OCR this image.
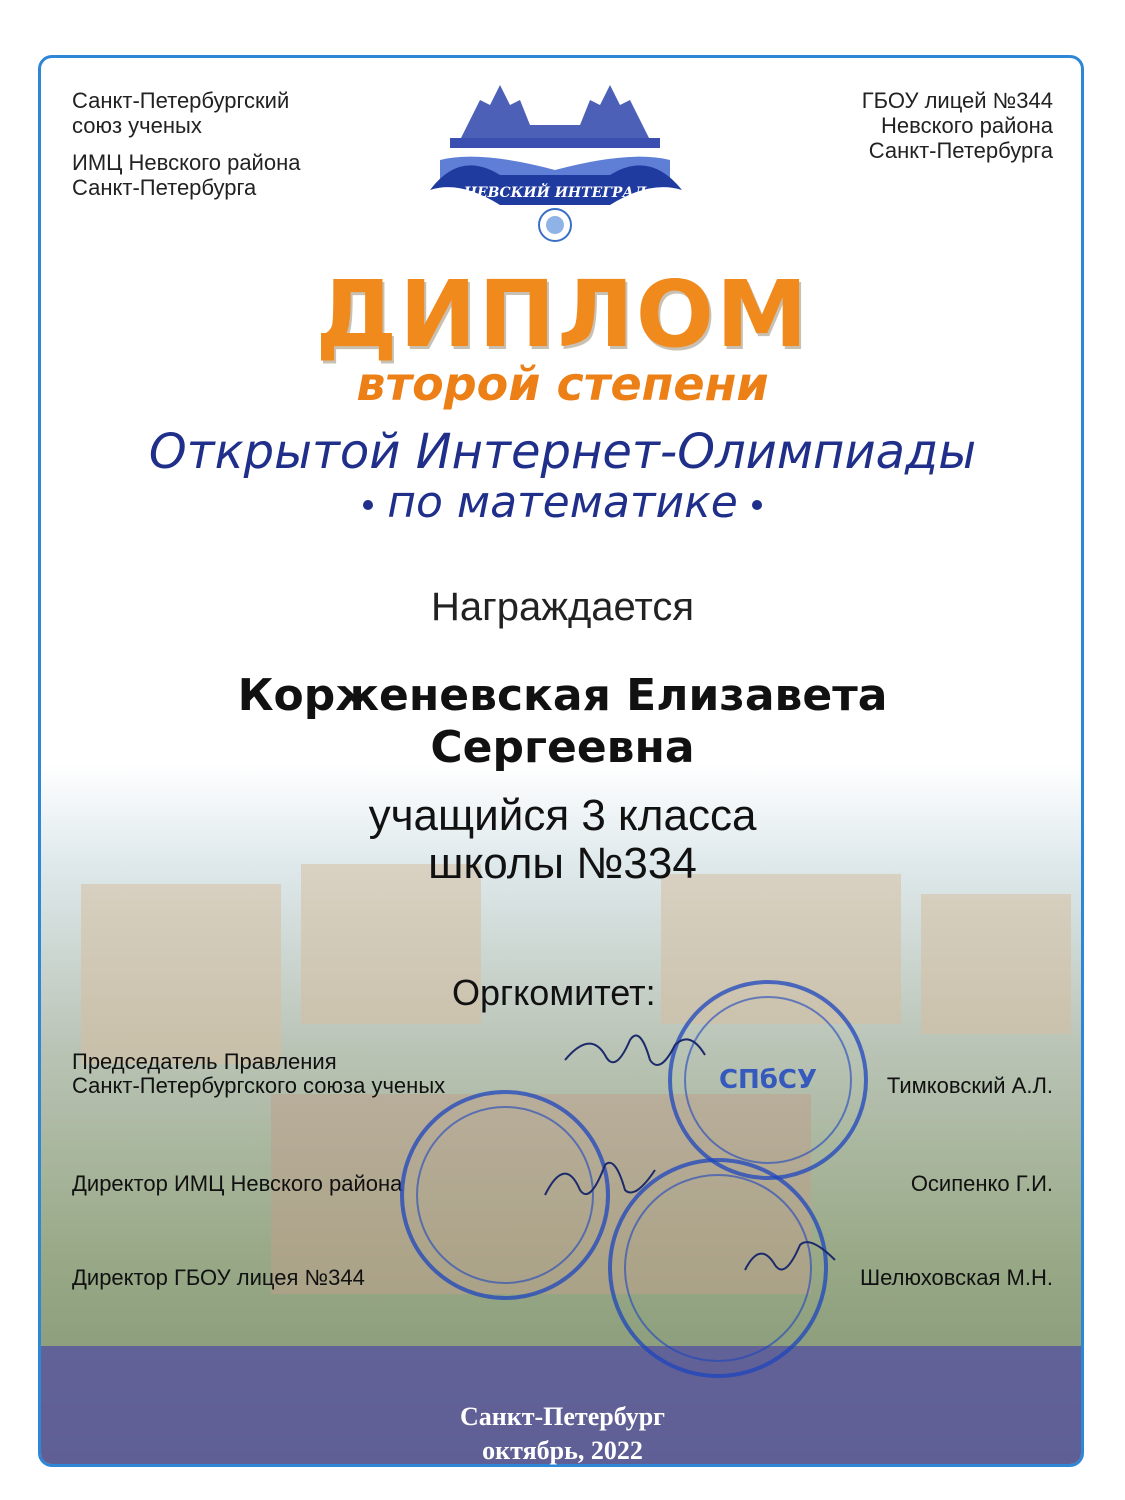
Санкт-Петербургский
союз ученых
ИМЦ Невского района
Санкт-Петербурга
ГБОУ лицей №344
Невского района
Санкт-Петербурга
НЕВСКИЙ ИНТЕГРАЛ
ДИПЛОМ
второй степени
Открытой Интернет-Олимпиады
по математике
Награждается
Корженевская Елизавета
Сергеевна
учащийся 3 класса
школы №334
Оргкомитет:
Председатель Правления
Санкт-Петербургского союза ученых	Тимковский А.Л.
Директор ИМЦ Невского района	Осипенко Г.И.
Директор ГБОУ лицея №344	Шелюховская М.Н.
СПбСУ
Санкт-Петербург
октябрь, 2022
